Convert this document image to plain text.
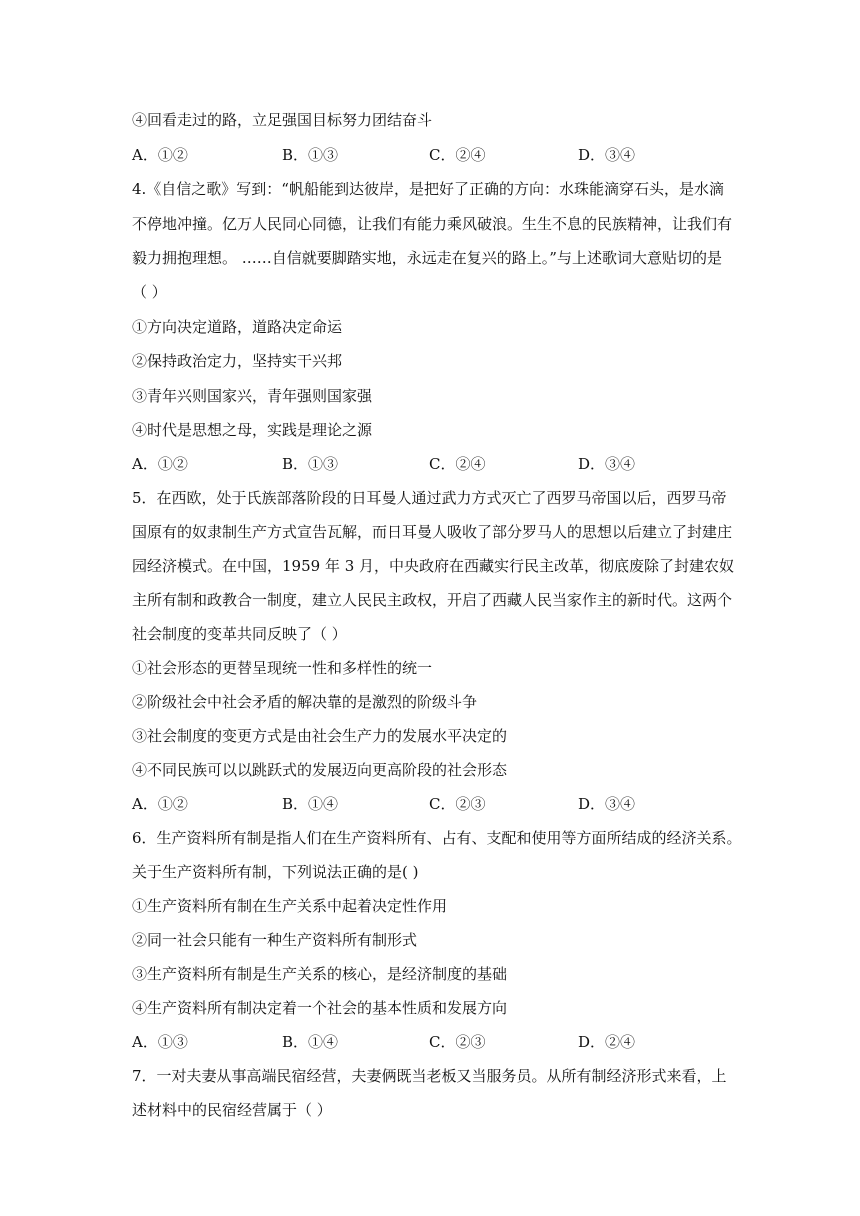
④回看走过的路，立足强国目标努力团结奋斗
A．①②	B．①③	C．②④	D．③④
4.《自信之歌》写到：“帆船能到达彼岸，是把好了正确的方向：水珠能滴穿石头，是水滴
不停地冲撞。亿万人民同心同德，让我们有能力乘风破浪。生生不息的民族精神，让我们有
毅力拥抱理想。 ……自信就要脚踏实地，永远走在复兴的路上。”与上述歌词大意贴切的是
（ ）
①方向决定道路，道路决定命运
②保持政治定力，坚持实干兴邦
③青年兴则国家兴，青年强则国家强
④时代是思想之母，实践是理论之源
A．①②	B．①③	C．②④	D．③④
5．在西欧，处于氏族部落阶段的日耳曼人通过武力方式灭亡了西罗马帝国以后，西罗马帝
国原有的奴隶制生产方式宣告瓦解，而日耳曼人吸收了部分罗马人的思想以后建立了封建庄
园经济模式。在中国，1959 年 3 月，中央政府在西藏实行民主改革，彻底废除了封建农奴
主所有制和政教合一制度，建立人民民主政权，开启了西藏人民当家作主的新时代。这两个
社会制度的变革共同反映了（ ）
①社会形态的更替呈现统一性和多样性的统一
②阶级社会中社会矛盾的解决靠的是激烈的阶级斗争
③社会制度的变更方式是由社会生产力的发展水平决定的
④不同民族可以以跳跃式的发展迈向更高阶段的社会形态
A．①②	B．①④	C．②③	D．③④
6．生产资料所有制是指人们在生产资料所有、占有、支配和使用等方面所结成的经济关系。
关于生产资料所有制，下列说法正确的是( )
①生产资料所有制在生产关系中起着决定性作用
②同一社会只能有一种生产资料所有制形式
③生产资料所有制是生产关系的核心，是经济制度的基础
④生产资料所有制决定着一个社会的基本性质和发展方向
A．①③	B．①④	C．②③	D．②④
7．一对夫妻从事高端民宿经营，夫妻俩既当老板又当服务员。从所有制经济形式来看，上
述材料中的民宿经营属于（ ）
